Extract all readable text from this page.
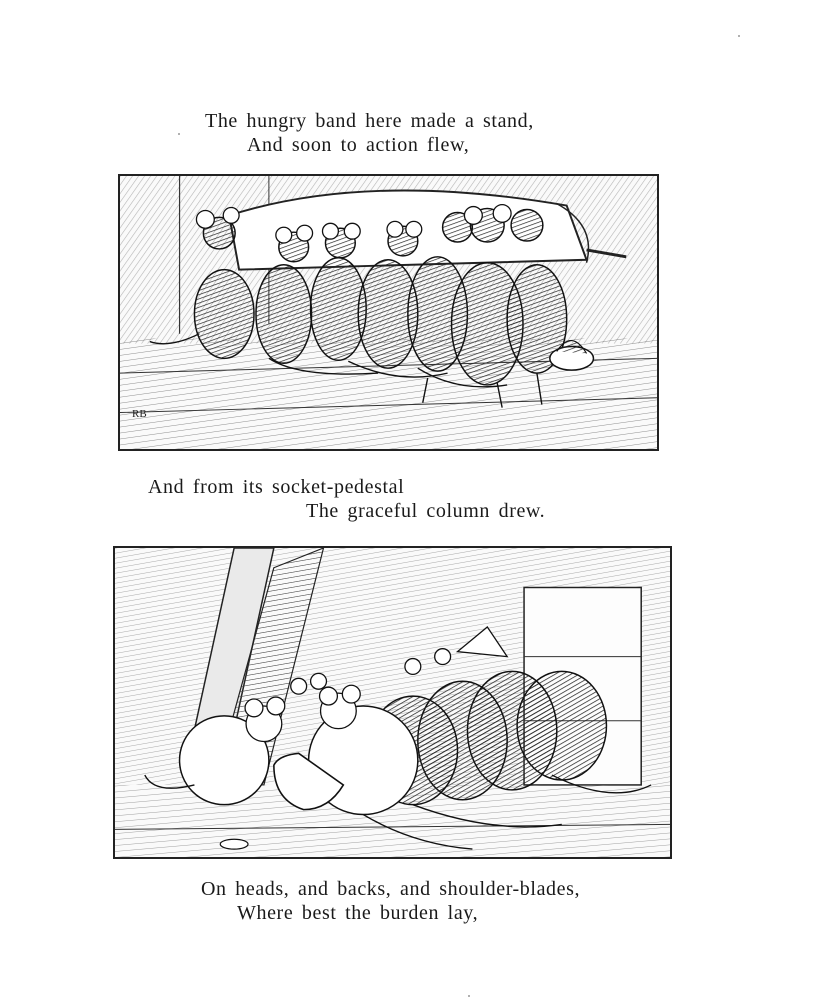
The hungry band here made a stand,
And soon to action flew,
RB
And from its socket-pedestal
The graceful column drew.
On heads, and backs, and shoulder-blades,
Where best the burden lay,
